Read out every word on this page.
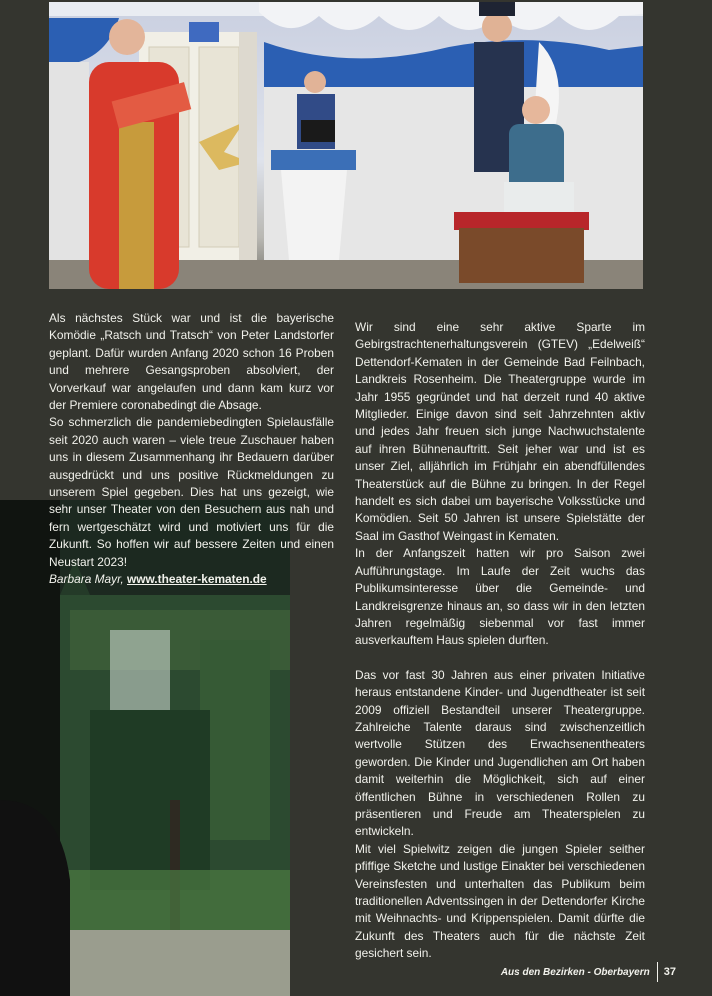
Als nächstes Stück war und ist die bayerische Komödie „Ratsch und Tratsch“ von Peter Landstorfer geplant. Dafür wurden Anfang 2020 schon 16 Proben und mehrere Gesangsproben absolviert, der Vorverkauf war angelaufen und dann kam kurz vor der Premiere coronabedingt die Absage.

So schmerzlich die pandemiebedingten Spielausfälle seit 2020 auch waren – viele treue Zuschauer haben uns in diesem Zusammenhang ihr Bedauern darüber ausgedrückt und uns positive Rückmeldungen zu unserem Spiel gegeben. Dies hat uns gezeigt, wie sehr unser Theater von den Besuchern aus nah und fern wertgeschätzt wird und motiviert uns für die Zukunft. So hoffen wir auf bessere Zeiten und einen Neustart 2023!

Barbara Mayr, www.theater-kematen.de

Wir sind eine sehr aktive Sparte im Gebirgstrachtenerhaltungsverein (GTEV) „Edelweiß“ Dettendorf-Kematen in der Gemeinde Bad Feilnbach, Landkreis Rosenheim. Die Theatergruppe wurde im Jahr 1955 gegründet und hat derzeit rund 40 aktive Mitglieder. Einige davon sind seit Jahrzehnten aktiv und jedes Jahr freuen sich junge Nachwuchstalente auf ihren Bühnenauftritt. Seit jeher war und ist es unser Ziel, alljährlich im Frühjahr ein abendfüllendes Theaterstück auf die Bühne zu bringen. In der Regel handelt es sich dabei um bayerische Volksstücke und Komödien. Seit 50 Jahren ist unsere Spielstätte der Saal im Gasthof Weingast in Kematen.

In der Anfangszeit hatten wir pro Saison zwei Aufführungstage. Im Laufe der Zeit wuchs das Publikumsinteresse über die Gemeinde- und Landkreisgrenze hinaus an, so dass wir in den letzten Jahren regelmäßig siebenmal vor fast immer ausverkauftem Haus spielen durften.

Das vor fast 30 Jahren aus einer privaten Initiative heraus entstandene Kinder- und Jugendtheater ist seit 2009 offiziell Bestandteil unserer Theatergruppe. Zahlreiche Talente daraus sind zwischenzeitlich wertvolle Stützen des Erwachsenentheaters geworden. Die Kinder und Jugendlichen am Ort haben damit weiterhin die Möglichkeit, sich auf einer öffentlichen Bühne in verschiedenen Rollen zu präsentieren und Freude am Theaterspielen zu entwickeln.

Mit viel Spielwitz zeigen die jungen Spieler seither pfiffige Sketche und lustige Einakter bei verschiedenen Vereinsfesten und unterhalten das Publikum beim traditionellen Adventssingen in der Dettendorfer Kirche mit Weihnachts- und Krippenspielen. Damit dürfte die Zukunft des Theaters auch für die nächste Zeit gesichert sein.

Aus den Bezirken - Oberbayern	37
